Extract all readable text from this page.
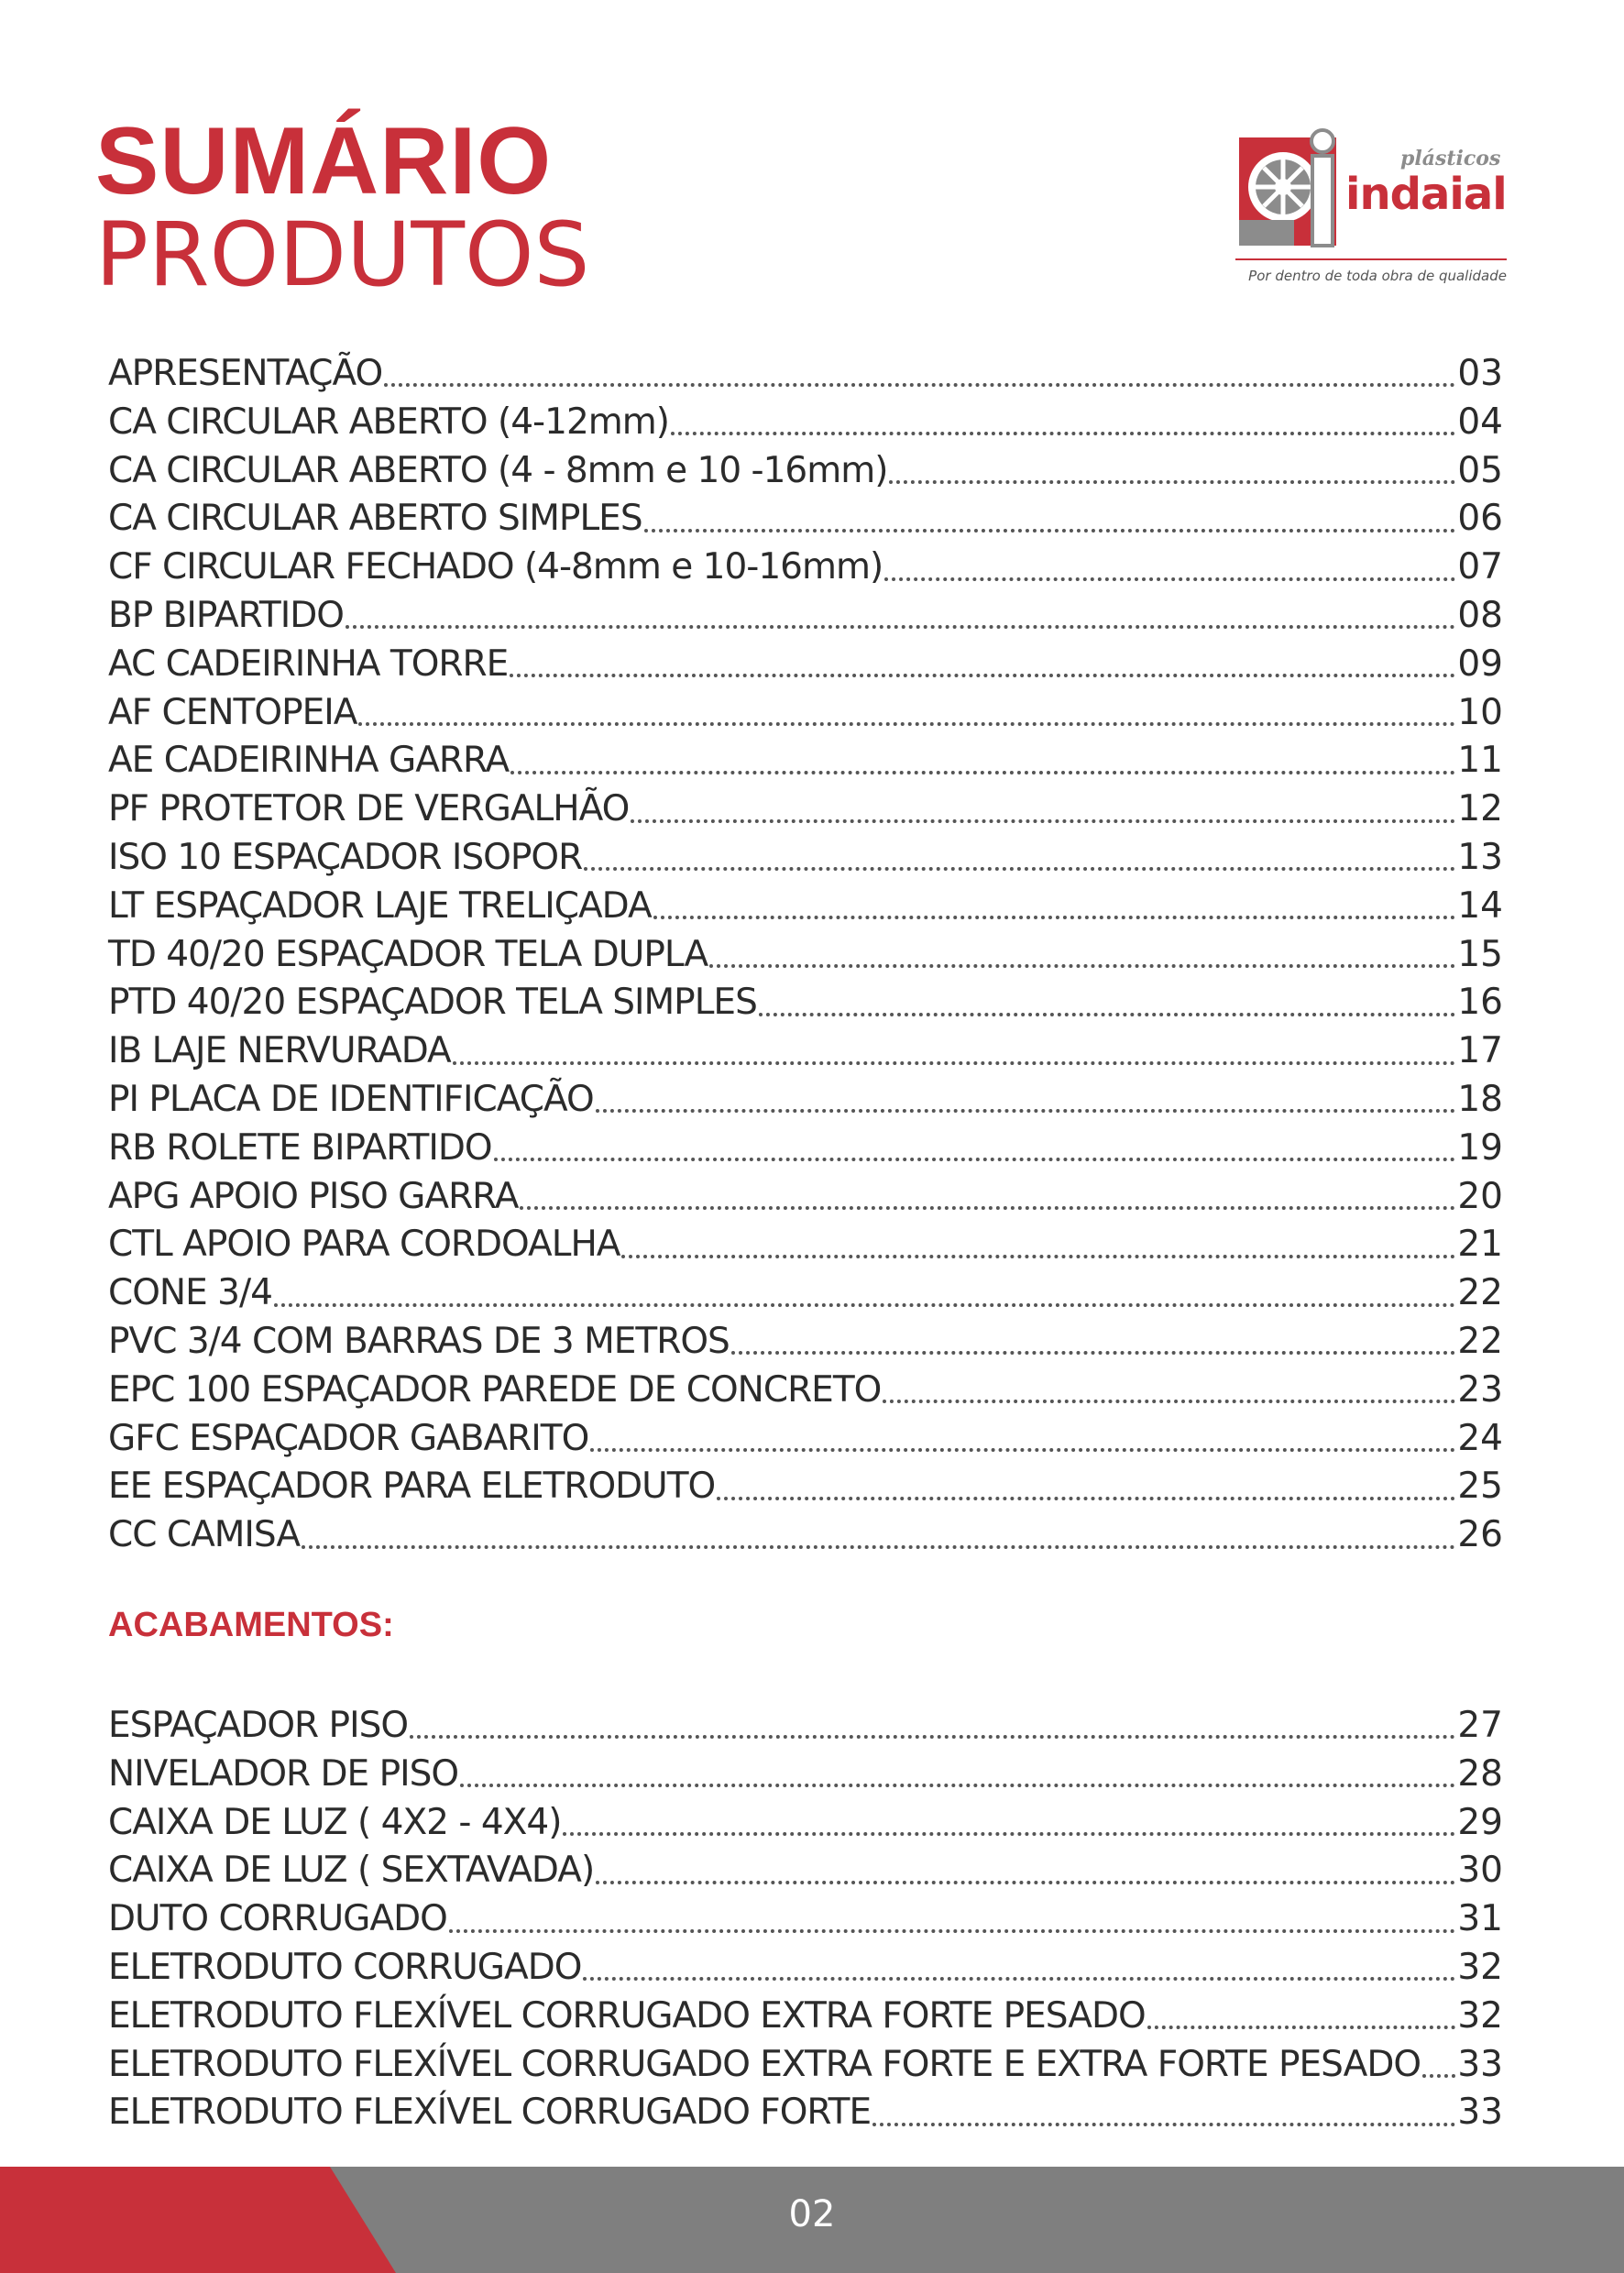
SUMÁRIO
PRODUTOS
plásticos
indaial
Por dentro de toda obra de qualidade
APRESENTAÇÃO	03
CA CIRCULAR ABERTO (4-12mm)	04
CA CIRCULAR ABERTO (4 - 8mm e 10 -16mm)	05
CA CIRCULAR ABERTO SIMPLES	06
CF CIRCULAR FECHADO (4-8mm e 10-16mm)	07
BP BIPARTIDO	08
AC CADEIRINHA TORRE	09
AF CENTOPEIA	10
AE CADEIRINHA GARRA	11
PF PROTETOR DE VERGALHÃO	12
ISO 10 ESPAÇADOR ISOPOR	13
LT ESPAÇADOR LAJE TRELIÇADA	14
TD 40/20 ESPAÇADOR TELA DUPLA	15
PTD 40/20 ESPAÇADOR TELA SIMPLES	16
IB LAJE NERVURADA	17
PI PLACA DE IDENTIFICAÇÃO	18
RB ROLETE BIPARTIDO	19
APG APOIO PISO GARRA	20
CTL APOIO PARA CORDOALHA	21
CONE 3/4	22
PVC 3/4 COM BARRAS DE 3 METROS	22
EPC 100 ESPAÇADOR PAREDE DE CONCRETO	23
GFC ESPAÇADOR GABARITO	24
EE ESPAÇADOR PARA ELETRODUTO	25
CC CAMISA	26
ACABAMENTOS:
ESPAÇADOR PISO	27
NIVELADOR DE PISO	28
CAIXA DE LUZ ( 4X2 - 4X4)	29
CAIXA DE LUZ ( SEXTAVADA)	30
DUTO CORRUGADO	31
ELETRODUTO CORRUGADO	32
ELETRODUTO FLEXÍVEL CORRUGADO EXTRA FORTE PESADO	32
ELETRODUTO FLEXÍVEL CORRUGADO EXTRA FORTE E EXTRA FORTE PESADO 33
ELETRODUTO FLEXÍVEL CORRUGADO FORTE	33
02
